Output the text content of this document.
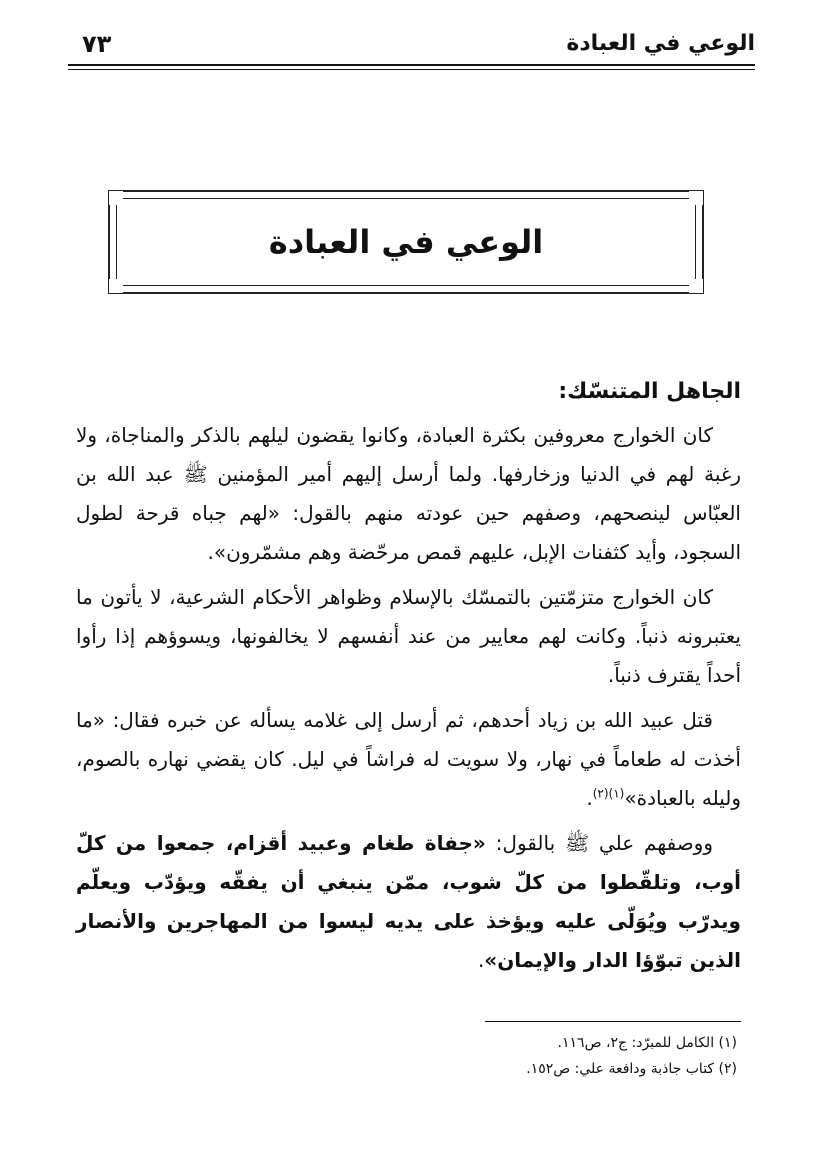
الوعي في العبادة
٧٣
الوعي في العبادة
الجاهل المتنسّك:

كان الخوارج معروفين بكثرة العبادة، وكانوا يقضون ليلهم بالذكر والمناجاة، ولا رغبة لهم في الدنيا وزخارفها. ولما أرسل إليهم أمير المؤمنين ﷺ عبد الله بن العبّاس لينصحهم، وصفهم حين عودته منهم بالقول: «لهم جباه قرحة لطول السجود، وأيد كثفنات الإبل، عليهم قمص مرحّضة وهم مشمّرون».

كان الخوارج متزمّتين بالتمسّك بالإسلام وظواهر الأحكام الشرعية، لا يأتون ما يعتبرونه ذنباً. وكانت لهم معايير من عند أنفسهم لا يخالفونها، ويسوؤهم إذا رأوا أحداً يقترف ذنباً.

قتل عبيد الله بن زياد أحدهم، ثم أرسل إلى غلامه يسأله عن خبره فقال: «ما أخذت له طعاماً في نهار، ولا سويت له فراشاً في ليل. كان يقضي نهاره بالصوم، وليله بالعبادة»$^{(١)(٢)}$.

ووصفهم علي ﷺ بالقول: «جفاة طغام وعبيد أقزام، جمعوا من كلّ أوب، وتلقّطوا من كلّ شوب، ممّن ينبغي أن يفقّه ويؤدّب ويعلّم ويدرّب ويُوَلّى عليه ويؤخذ على يديه ليسوا من المهاجرين والأنصار الذين تبوّؤا الدار والإيمان».

(١) الكامل للمبرّد: ج٢، ص١١٦.

(٢) كتاب جاذبة ودافعة علي: ص١٥٢.
